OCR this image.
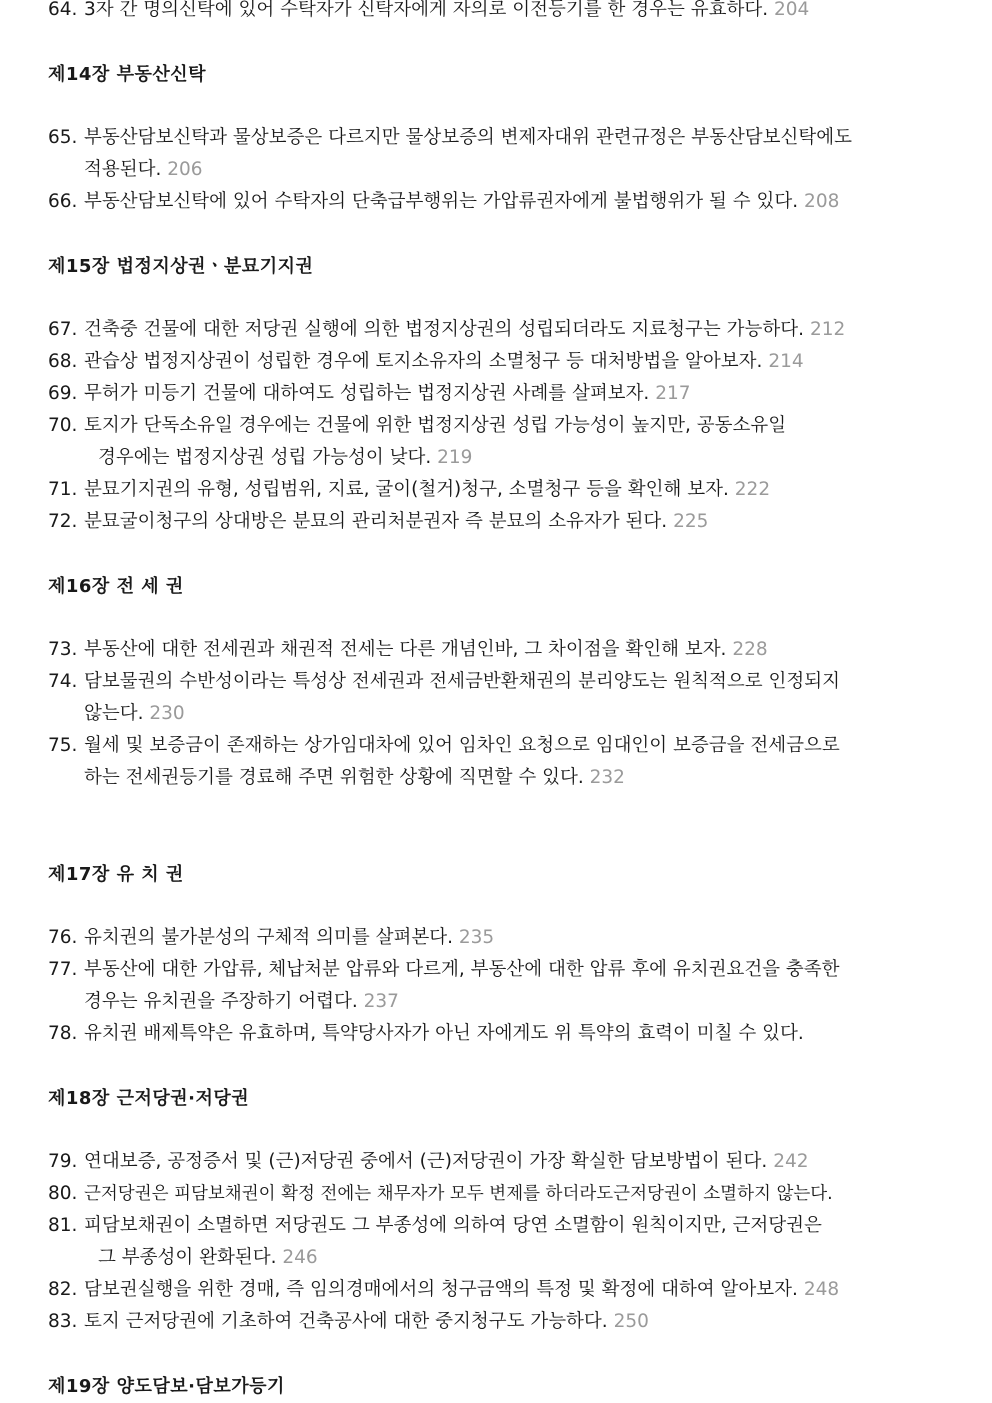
64. 3자 간 명의신탁에 있어 수탁자가 신탁자에게 자의로 이전등기를 한 경우는 유효하다. 204
제14장 부동산신탁
65. 부동산담보신탁과 물상보증은 다르지만 물상보증의 변제자대위 관련규정은 부동산담보신탁에도
적용된다. 206
66. 부동산담보신탁에 있어 수탁자의 단축급부행위는 가압류권자에게 불법행위가 될 수 있다. 208
제15장 법정지상권ㆍ분묘기지권
67. 건축중 건물에 대한 저당권 실행에 의한 법정지상권의 성립되더라도 지료청구는 가능하다. 212
68. 관습상 법정지상권이 성립한 경우에 토지소유자의 소멸청구 등 대처방법을 알아보자. 214
69. 무허가 미등기 건물에 대하여도 성립하는 법정지상권 사례를 살펴보자. 217
70. 토지가 단독소유일 경우에는 건물에 위한 법정지상권 성립 가능성이 높지만, 공동소유일
경우에는 법정지상권 성립 가능성이 낮다. 219
71. 분묘기지권의 유형, 성립범위, 지료, 굴이(철거)청구, 소멸청구 등을 확인해 보자. 222
72. 분묘굴이청구의 상대방은 분묘의 관리처분권자 즉 분묘의 소유자가 된다. 225
제16장 전 세 권
73. 부동산에 대한 전세권과 채권적 전세는 다른 개념인바, 그 차이점을 확인해 보자. 228
74. 담보물권의 수반성이라는 특성상 전세권과 전세금반환채권의 분리양도는 원칙적으로 인정되지
않는다. 230
75. 월세 및 보증금이 존재하는 상가임대차에 있어 임차인 요청으로 임대인이 보증금을 전세금으로
하는 전세권등기를 경료해 주면 위험한 상황에 직면할 수 있다. 232
제17장 유 치 권
76. 유치권의 불가분성의 구체적 의미를 살펴본다. 235
77. 부동산에 대한 가압류, 체납처분 압류와 다르게, 부동산에 대한 압류 후에 유치권요건을 충족한
경우는 유치권을 주장하기 어렵다. 237
78. 유치권 배제특약은 유효하며, 특약당사자가 아닌 자에게도 위 특약의 효력이 미칠 수 있다.
제18장 근저당권·저당권
79. 연대보증, 공정증서 및 (근)저당권 중에서 (근)저당권이 가장 확실한 담보방법이 된다. 242
80. 근저당권은 피담보채권이 확정 전에는 채무자가 모두 변제를 하더라도근저당권이 소멸하지 않는다.
81. 피담보채권이 소멸하면 저당권도 그 부종성에 의하여 당연 소멸함이 원칙이지만, 근저당권은
그 부종성이 완화된다. 246
82. 담보권실행을 위한 경매, 즉 임의경매에서의 청구금액의 특정 및 확정에 대하여 알아보자. 248
83. 토지 근저당권에 기초하여 건축공사에 대한 중지청구도 가능하다. 250
제19장 양도담보·담보가등기
